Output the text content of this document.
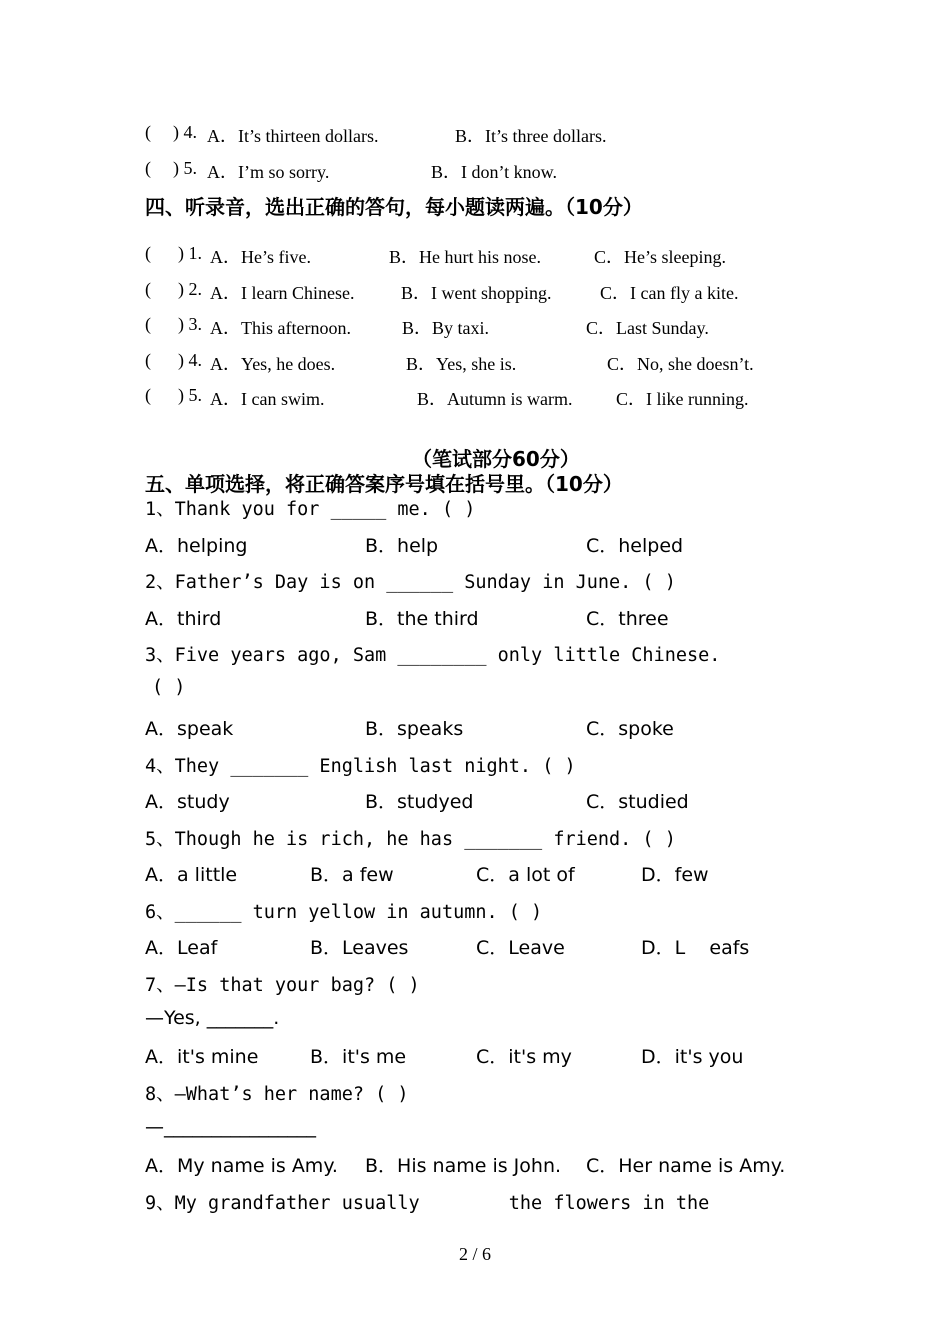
( ) 4. A．It’s thirteen dollars.	B．It’s three dollars.
( ) 5. A．I’m so sorry.	B．I don’t know.
四、听录音，选出正确的答句，每小题读两遍。（10分）
( ) 1. A．He’s five.	B．He hurt his nose.	C．He’s sleeping.
( ) 2. A．I learn Chinese.	B．I went shopping.	C．I can fly a kite.
( ) 3. A．This afternoon.	B．By taxi.	C．Last Sunday.
( ) 4. A．Yes, he does.	B．Yes, she is.	C．No, she doesn’t.
( ) 5. A．I can swim.	B．Autumn is warm. C．I like running.
（笔试部分60分）
五、单项选择，将正确答案序号填在括号里。（10分）
1、Thank you for _____ me. ( )
A．helping	B．help	C．helped
2、Father’s Day is on ______ Sunday in June. ( )
A．third	B．the third	C．three
3、Five years ago, Sam ________ only little Chinese.
( )
A．speak	B．speaks	C．spoke
4、They _______ English last night. ( )
A．study	B．studyed	C．studied
5、Though he is rich, he has _______ friend. ( )
A．a little	B．a few	C．a lot of	D．few
6、______ turn yellow in autumn. ( )
A．Leaf	B．Leaves	C．Leave	D．L    eafs
7、—Is that your bag? ( )
—Yes, _______.
A．it's mine	B．it's me	C．it's my	D．it's you
8、—What’s her name? ( )
—________________
A．My name is Amy. B．His name is John. C．Her name is Amy.
9、My grandfather usually        the flowers in the
2 / 6
